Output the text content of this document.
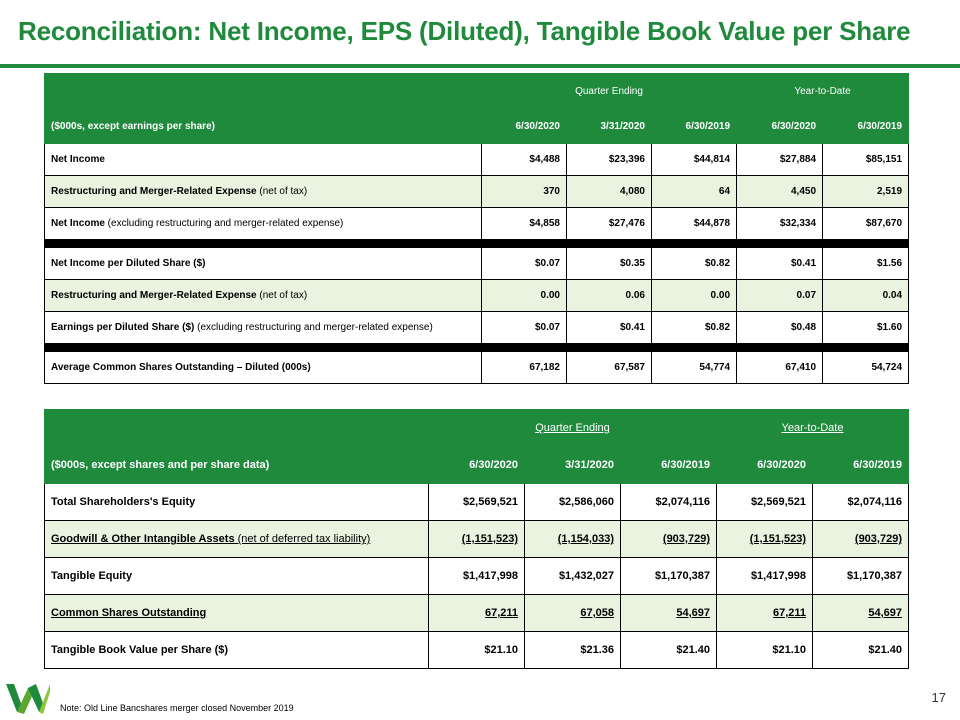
Reconciliation: Net Income, EPS (Diluted), Tangible Book Value per Share
	Quarter Ending			Year-to-Date	
($000s, except earnings per share)	6/30/2020	3/31/2020	6/30/2019	6/30/2020	6/30/2019
Net Income	$4,488	$23,396	$44,814	$27,884	$85,151
Restructuring and Merger-Related Expense (net of tax)	370	4,080	64	4,450	2,519
Net Income (excluding restructuring and merger-related expense)	$4,858	$27,476	$44,878	$32,334	$87,670

Net Income per Diluted Share ($)	$0.07	$0.35	$0.82	$0.41	$1.56
Restructuring and Merger-Related Expense (net of tax)	0.00	0.06	0.00	0.07	0.04
Earnings per Diluted Share ($) (excluding restructuring and merger-related expense)	$0.07	$0.41	$0.82	$0.48	$1.60

Average Common Shares Outstanding – Diluted (000s)	67,182	67,587	54,774	67,410	54,724
	Quarter Ending			Year-to-Date	
($000s, except shares and per share data)	6/30/2020	3/31/2020	6/30/2019	6/30/2020	6/30/2019
Total Shareholders's Equity	$2,569,521	$2,586,060	$2,074,116	$2,569,521	$2,074,116
Goodwill & Other Intangible Assets (net of deferred tax liability)	(1,151,523)	(1,154,033)	(903,729)	(1,151,523)	(903,729)
Tangible Equity	$1,417,998	$1,432,027	$1,170,387	$1,417,998	$1,170,387
Common Shares Outstanding	67,211	67,058	54,697	67,211	54,697
Tangible Book Value per Share ($)	$21.10	$21.36	$21.40	$21.10	$21.40
Note: Old Line Bancshares merger closed November 2019
17
